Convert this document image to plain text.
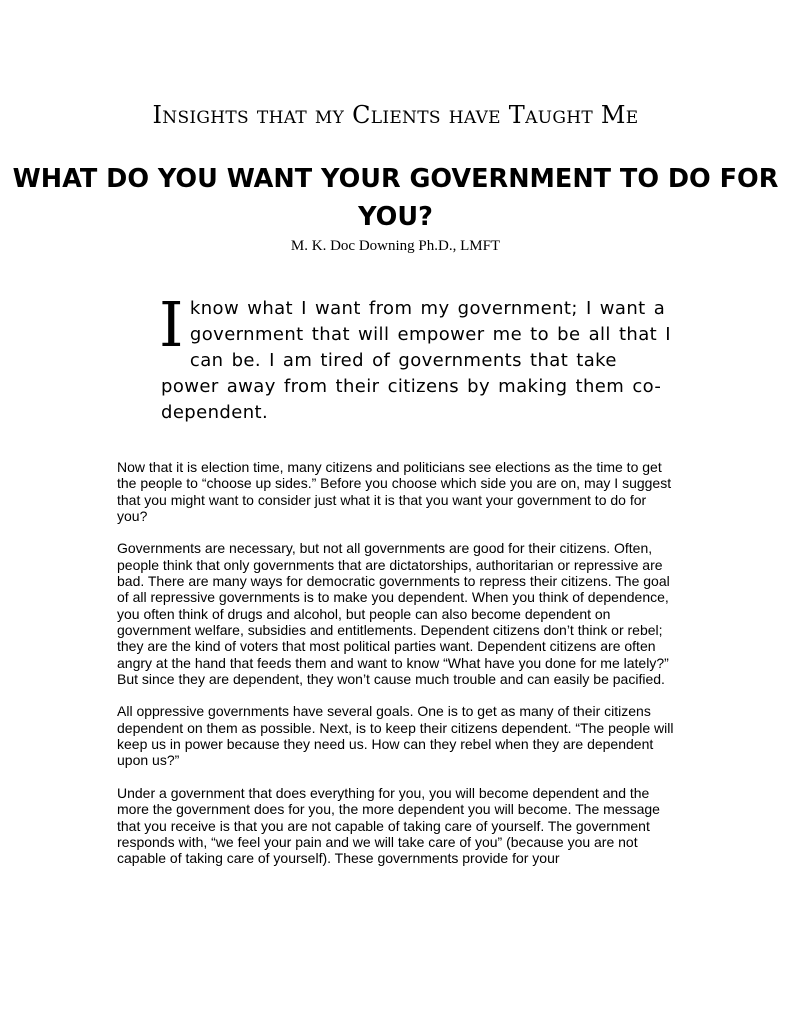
Insights that my Clients have Taught Me
WHAT DO YOU WANT YOUR GOVERNMENT TO DO FOR YOU?
M. K. Doc Downing Ph.D., LMFT
I know what I want from my government; I want a government that will empower me to be all that I can be. I am tired of governments that take power away from their citizens by making them co-dependent.

Now that it is election time, many citizens and politicians see elections as the time to get the people to “choose up sides.” Before you choose which side you are on, may I suggest that you might want to consider just what it is that you want your government to do for you?

Governments are necessary, but not all governments are good for their citizens. Often, people think that only governments that are dictatorships, authoritarian or repressive are bad. There are many ways for democratic governments to repress their citizens. The goal of all repressive governments is to make you dependent. When you think of dependence, you often think of drugs and alcohol, but people can also become dependent on government welfare, subsidies and entitlements. Dependent citizens don’t think or rebel; they are the kind of voters that most political parties want. Dependent citizens are often angry at the hand that feeds them and want to know “What have you done for me lately?” But since they are dependent, they won’t cause much trouble and can easily be pacified.

All oppressive governments have several goals. One is to get as many of their citizens dependent on them as possible. Next, is to keep their citizens dependent. “The people will keep us in power because they need us. How can they rebel when they are dependent upon us?”

Under a government that does everything for you, you will become dependent and the more the government does for you, the more dependent you will become. The message that you receive is that you are not capable of taking care of yourself. The government responds with, “we feel your pain and we will take care of you” (because you are not capable of taking care of yourself). These governments provide for your
